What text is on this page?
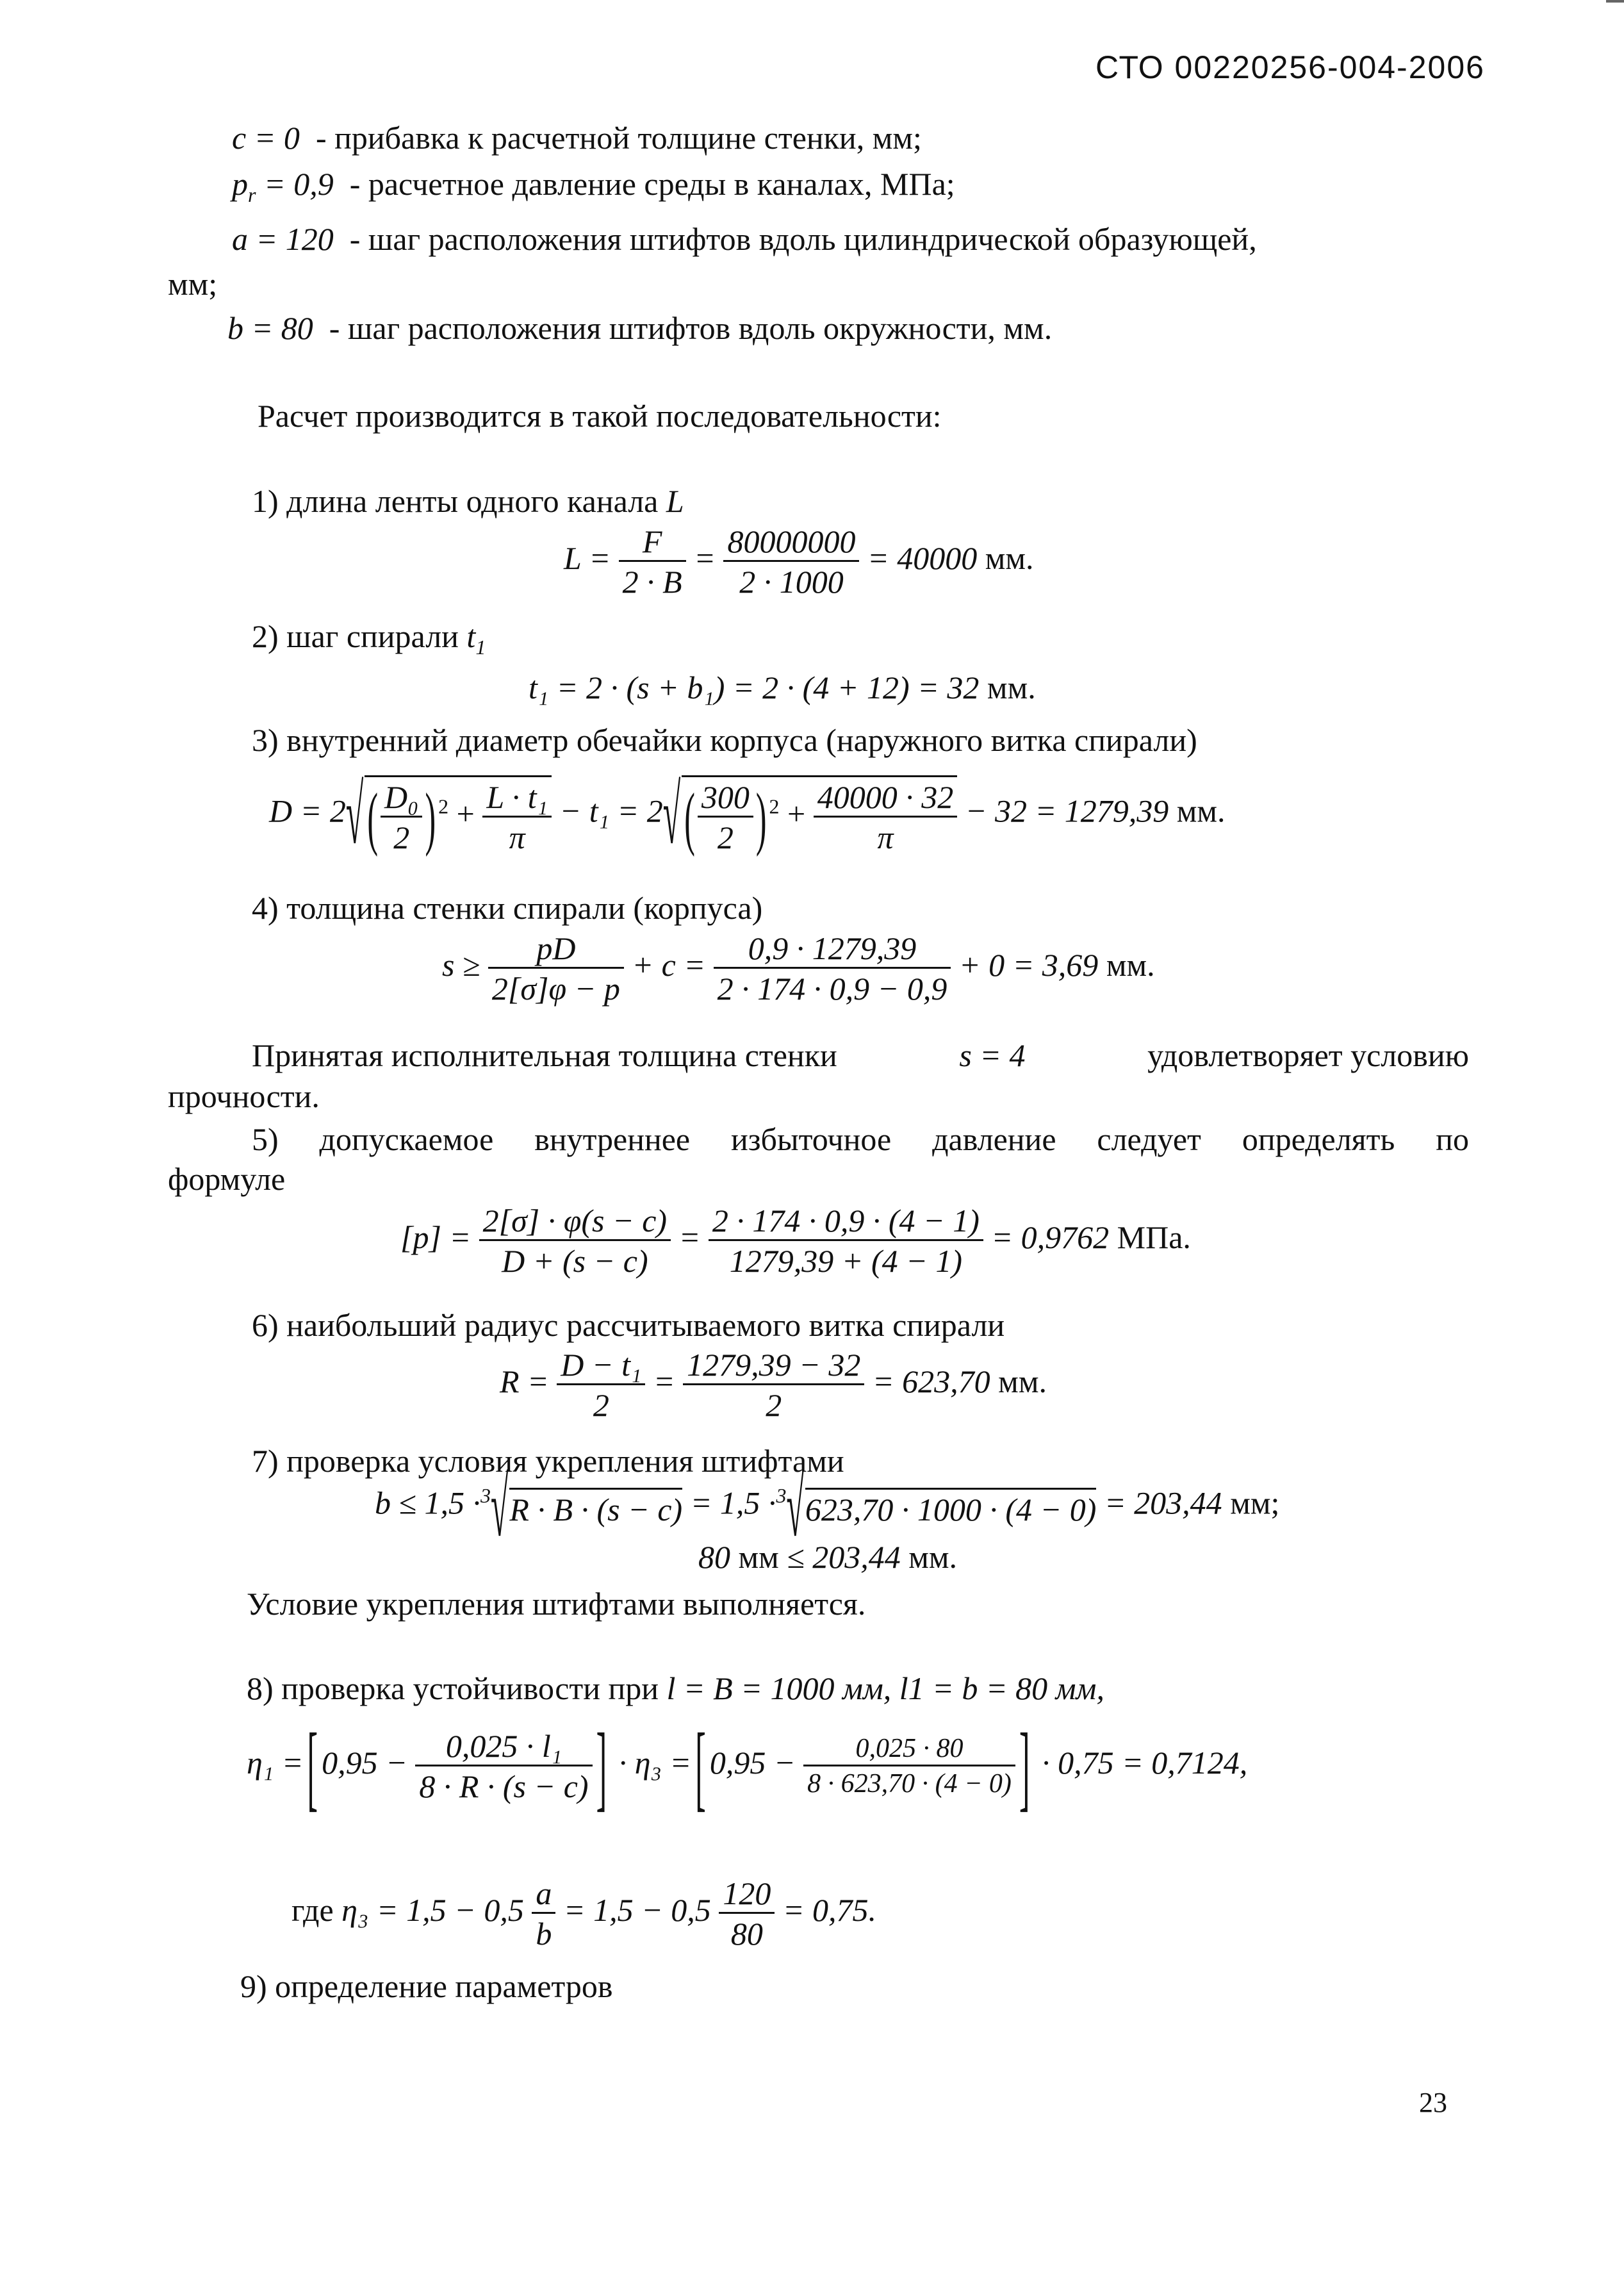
СТО 00220256-004-2006
c = 0 - прибавка к расчетной толщине стенки, мм;
$p_r = 0,9$ - расчетное давление среды в каналах, МПа;
a = 120 - шаг расположения штифтов вдоль цилиндрической образующей,
мм;
b = 80 - шаг расположения штифтов вдоль окружности, мм.
Расчет производится в такой последовательности:
1) длина ленты одного канала L
$L = \frac{F}{2 \cdot B} = \frac{80000000}{2 \cdot 1000} = 40000$ мм.
2) шаг спирали $t_1$
t₁ = 2 · (s + b₁) = 2 · (4 + 12) = 32 мм.
3) внутренний диаметр обечайки корпуса (наружного витка спирали)
D = 2√ ( $\frac{\text{D₀}}{2}$ ) $^2 + \frac{\text{L · t₁}}{\pi} - t_1 = 2√$ ( $\frac{300}{2}$ ) $^2 + \frac{40000 \cdot 32}{\pi} - 32 = 1279,39$ мм.
4) толщина стенки спирали (корпуса)
$s \ge \frac{pD}{2[\sigma]\varphi - p} + c = \frac{0,9 \cdot 1279,39}{2 \cdot 174 \cdot 0,9 - 0,9} + 0 = 3,69$ мм.
Принятая исполнительная толщина стенки	s = 4	удовлетворяет условию
прочности.
5) допускаемое внутреннее избыточное давление следует определять по
формуле
$[p] = \frac{2[\sigma] \cdot \varphi(s - c)}{D + (s - c)} = \frac{2 \cdot 174 \cdot 0,9 \cdot (4 - 1)}{1279,39 + (4 - 1)} = 0,9762$ МПа.
6) наибольший радиус рассчитываемого витка спирали
$R = \frac{\text{D − t₁}}{2} = \frac{1279,39 - 32}{2} = 623,70$ мм.
7) проверка условия укрепления штифтами
b ≤ 1,5 ·$^3$√R · B · (s − c) = 1,5 ·$^3$√623,70 · 1000 · (4 − 0) = 203,44 мм;
80 мм ≤ 203,44 мм.
Условие укрепления штифтами выполняется.
8) проверка устойчивости при l = B = 1000 мм, l1 = b = 80 мм,
η₁ = [ $0,95 - \frac{\text{0,025 · l₁}}{8 \cdot R \cdot (s - c)}$ ] · η₃ = [ $0,95 - \frac{0,025 \cdot 80}{8 \cdot 623,70 \cdot (4 - 0)}$ ] · 0,75 = 0,7124,
где $\eta_3 = 1,5 - 0,5 \frac{a}{b} = 1,5 - 0,5 \frac{120}{80} = 0,75$.
9) определение параметров
23
